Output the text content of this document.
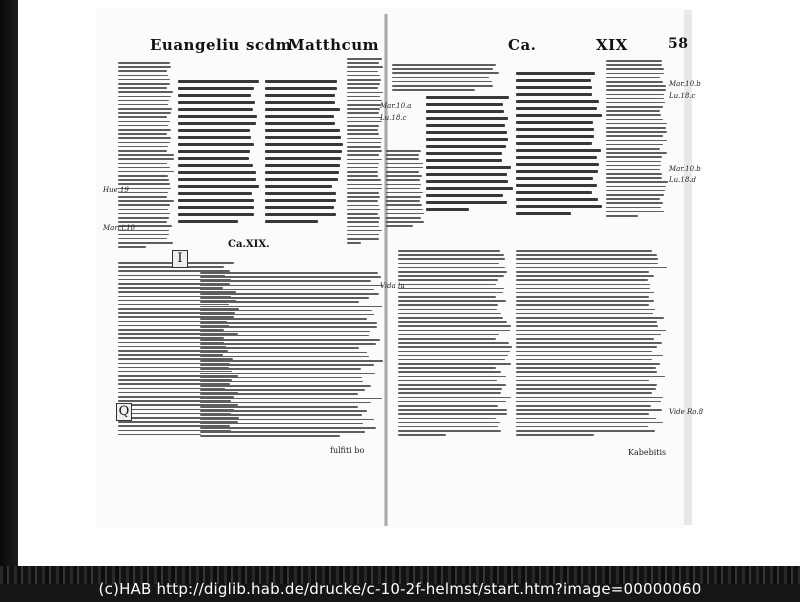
Euangeliu scdm
Matthcum	Ca.	XIX	58
Ca.XIX.
I
Q
Hue.19
Marci.10
fulfiti bo
Mar.10.a
Lu.18.c
Mar.10.b
Lu.18.c
Vida lu
Mar.10.b
Lu.18.d
Vide Ro.8
Kabebitis
(c)HAB http://diglib.hab.de/drucke/c-10-2f-helmst/start.htm?image=00000060
